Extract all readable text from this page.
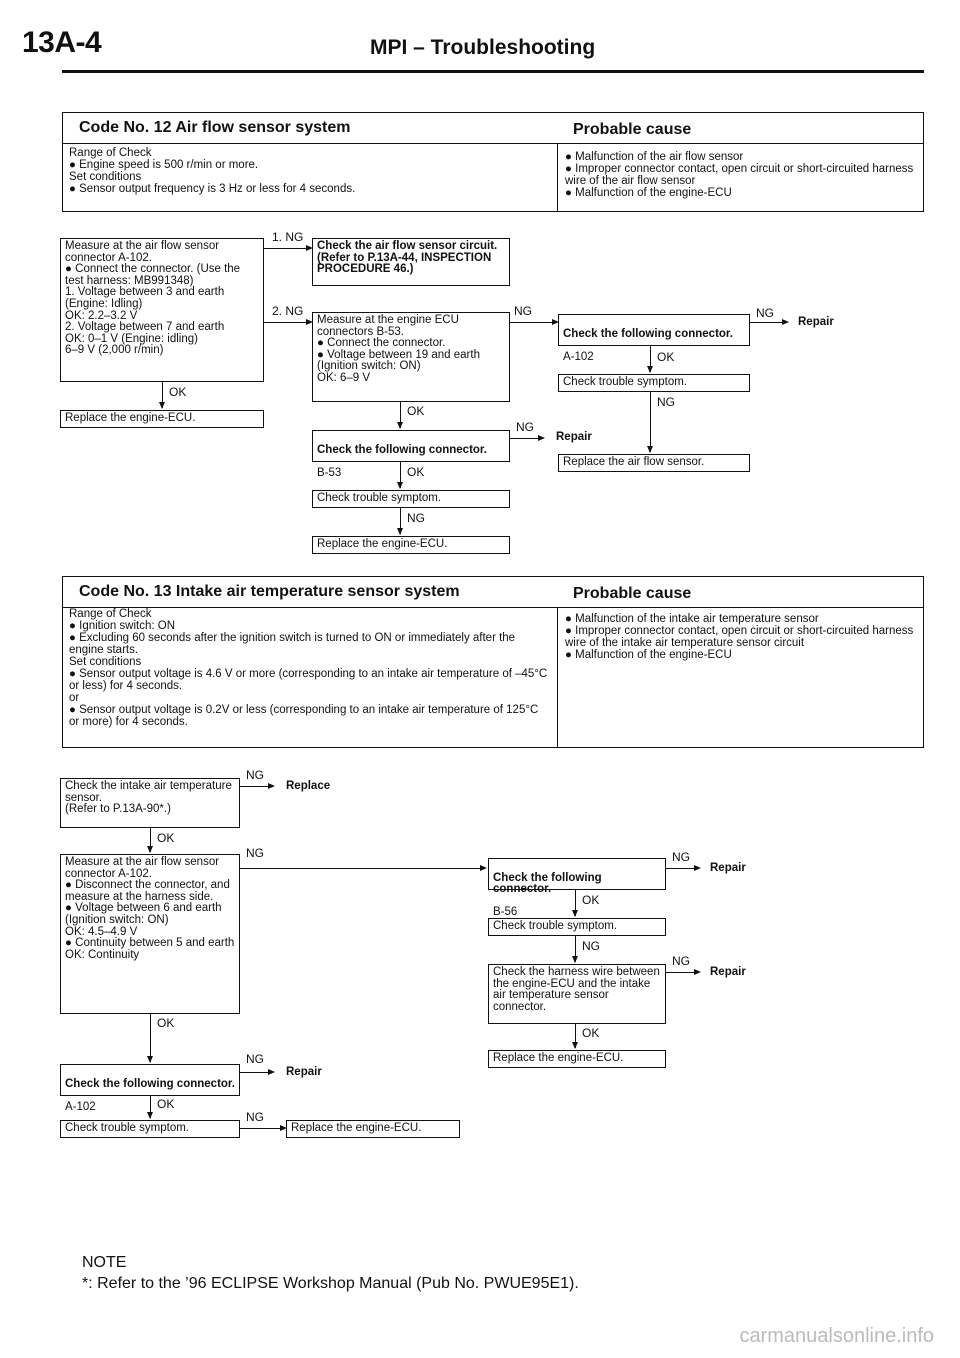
13A-4	MPI – Troubleshooting
Code No. 12 Air flow sensor system	Probable cause
Range of Check
● Engine speed is 500 r/min or more.
Set conditions
● Sensor output frequency is 3 Hz or less for 4 seconds.
● Malfunction of the air flow sensor
● Improper connector contact, open circuit or short-circuited harness wire of the air flow sensor
● Malfunction of the engine-ECU
Measure at the air flow sensor connector A-102.
● Connect the connector. (Use the test harness: MB991348)
1. Voltage between 3 and earth (Engine: Idling)
OK: 2.2–3.2 V
2. Voltage between 7 and earth
OK: 0–1 V (Engine: idling)
6–9 V (2,000 r/min)
OK
Replace the engine-ECU.
1. NG
Check the air flow sensor circuit.
(Refer to P.13A-44, INSPECTION PROCEDURE 46.)
2. NG
Measure at the engine ECU connectors B-53.
● Connect the connector.
● Voltage between 19 and earth (Ignition switch: ON)
OK: 6–9 V
OK

Check the following connector.

B-53	OK
Check trouble symptom.
NG
Replace the engine-ECU.
NG
Repair
NG

Check the following connector.

A-102

NG
Repair
OK
Check trouble symptom.
NG
Replace the air flow sensor.
Code No. 13 Intake air temperature sensor system	Probable cause
Range of Check
● Ignition switch: ON
● Excluding 60 seconds after the ignition switch is turned to ON or immediately after the engine starts.
Set conditions
● Sensor output voltage is 4.6 V or more (corresponding to an intake air temperature of –45°C or less) for 4 seconds.
or
● Sensor output voltage is 0.2V or less (corresponding to an intake air temperature of 125°C or more) for 4 seconds.
● Malfunction of the intake air temperature sensor
● Improper connector contact, open circuit or short-circuited harness wire of the intake air temperature sensor circuit
● Malfunction of the engine-ECU
Check the intake air temperature sensor.
(Refer to P.13A-90*.)
NG
Replace
OK
Measure at the air flow sensor connector A-102.
● Disconnect the connector, and measure at the harness side.
● Voltage between 6 and earth (Ignition switch: ON)
OK: 4.5–4.9 V
● Continuity between 5 and earth
OK: Continuity
OK

Check the following connector.

A-102

NG
Repair
OK
Check trouble symptom.
NG
Replace the engine-ECU.
NG

Check the following connector.

B-56

NG
Repair
OK
Check trouble symptom.
NG
Check the harness wire between the engine-ECU and the intake air temperature sensor connector.
NG
Repair
OK
Replace the engine-ECU.
NOTE
*: Refer to the ’96 ECLIPSE Workshop Manual (Pub No. PWUE95E1).
carmanualsonline.info
